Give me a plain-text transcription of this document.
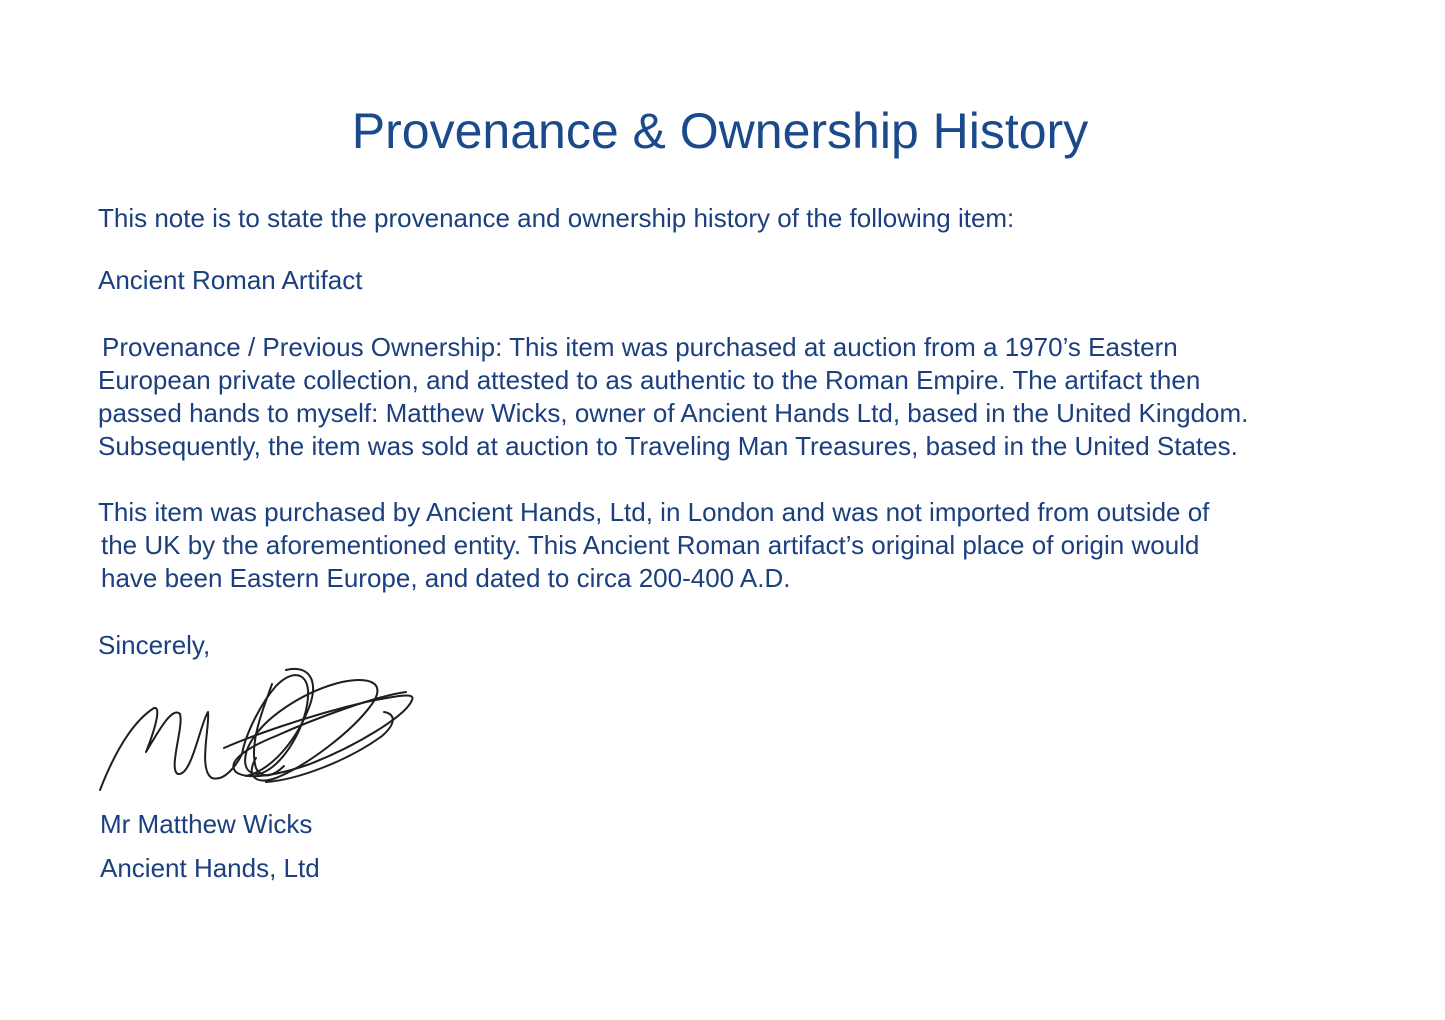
Provenance & Ownership History

This note is to state the provenance and ownership history of the following item:

Ancient Roman Artifact

Provenance / Previous Ownership: This item was purchased at auction from a 1970’s Eastern
European private collection, and attested to as authentic to the Roman Empire. The artifact then
passed hands to myself: Matthew Wicks, owner of Ancient Hands Ltd, based in the United Kingdom.
Subsequently, the item was sold at auction to Traveling Man Treasures, based in the United States.
This item was purchased by Ancient Hands, Ltd, in London and was not imported from outside of
the UK by the aforementioned entity. This Ancient Roman artifact’s original place of origin would
have been Eastern Europe, and dated to circa 200-400 A.D.

Sincerely,

Mr Matthew Wicks

Ancient Hands, Ltd
